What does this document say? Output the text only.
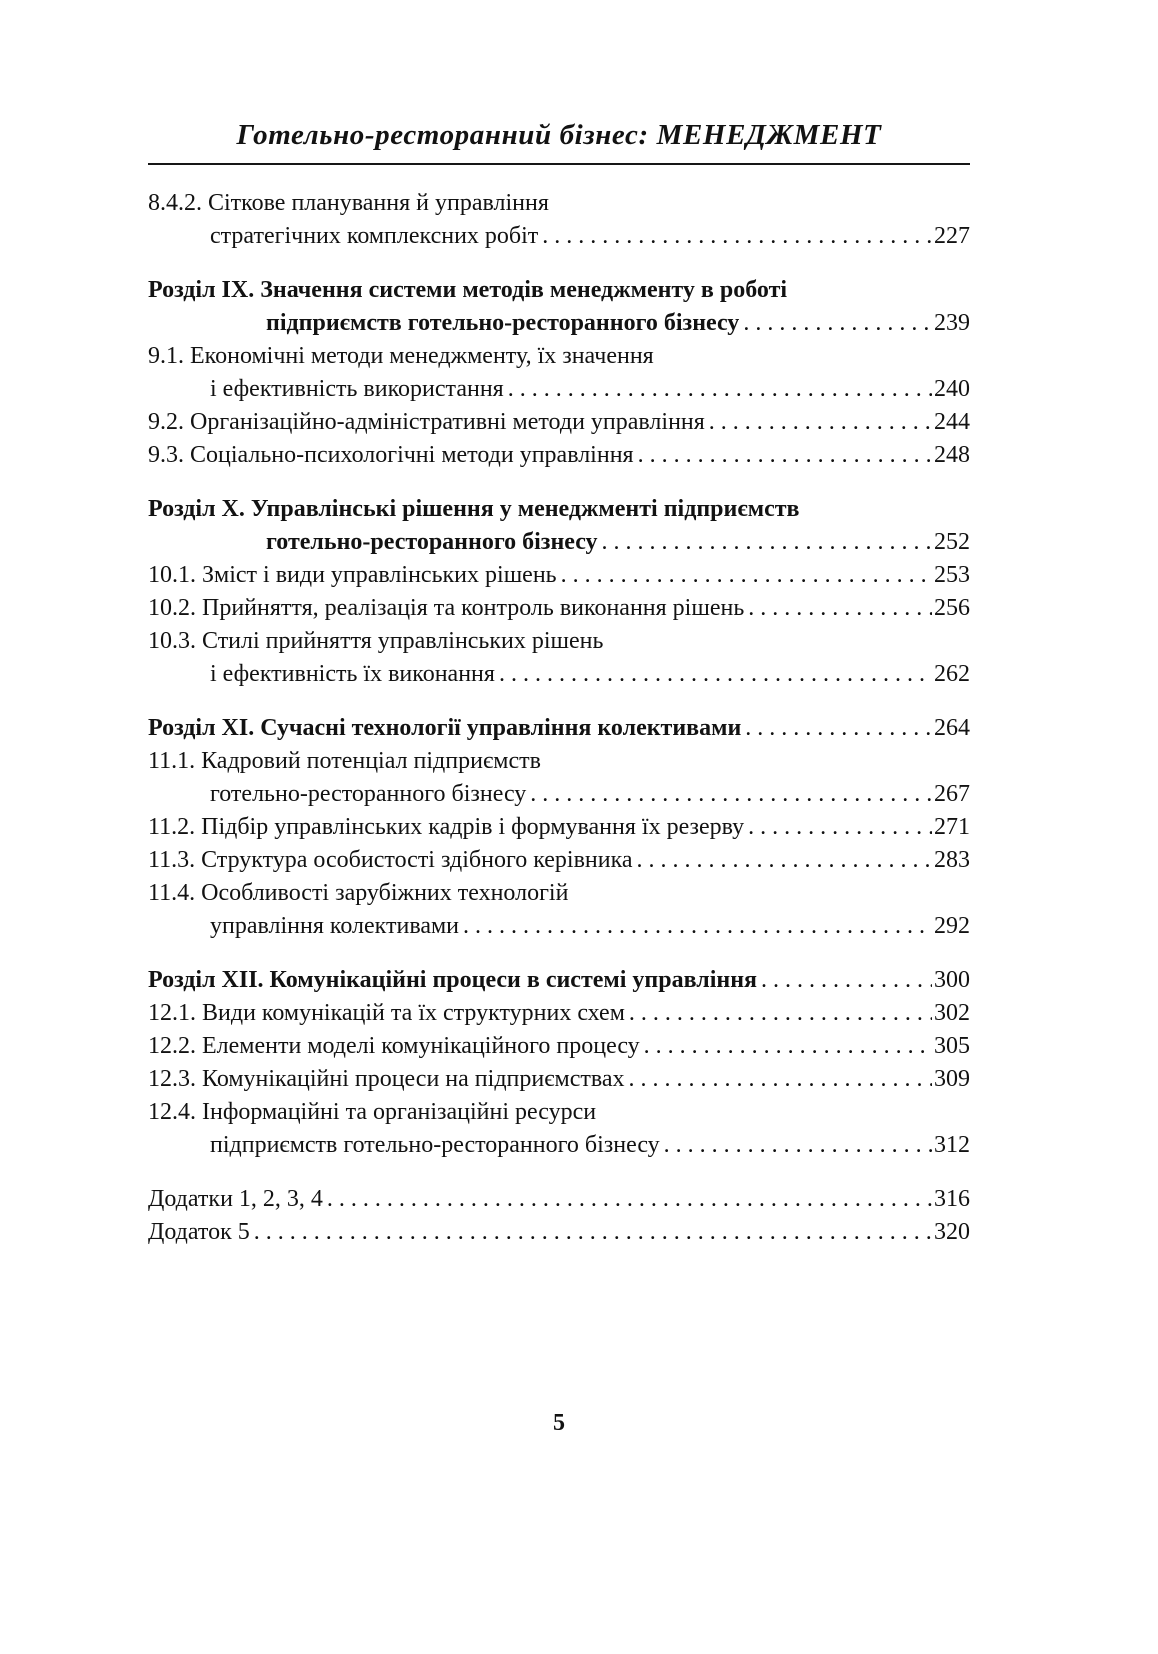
Готельно-ресторанний бізнес: МЕНЕДЖМЕНТ
8.4.2. Сіткове планування й управління
стратегічних комплексних робіт . . .	227
Розділ IX. Значення системи методів менеджменту в роботі
підприємств готельно-ресторанного бізнесу . . .	239
9.1. Економічні методи менеджменту, їх значення
і ефективність використання . . .	240
9.2. Організаційно-адміністративні методи управління . . .	244
9.3. Соціально-психологічні методи управління . . .	248
Розділ X. Управлінські рішення у менеджменті підприємств
готельно-ресторанного бізнесу . . .	252
10.1. Зміст і види управлінських рішень . . .	253
10.2. Прийняття, реалізація та контроль виконання рішень . . .	256
10.3. Стилі прийняття управлінських рішень
і ефективність їх виконання . . .	262
Розділ XI. Сучасні технології управління колективами . . .	264
11.1. Кадровий потенціал підприємств
готельно-ресторанного бізнесу . . .	267
11.2. Підбір управлінських кадрів і формування їх резерву . . .	271
11.3. Структура особистості здібного керівника . . .	283
11.4. Особливості зарубіжних технологій
управління колективами . . .	292
Розділ XII. Комунікаційні процеси в системі управління . . .	300
12.1. Види комунікацій та їх структурних схем . . .	302
12.2. Елементи моделі комунікаційного процесу . . .	305
12.3. Комунікаційні процеси на підприємствах . . .	309
12.4. Інформаційні та організаційні ресурси
підприємств готельно-ресторанного бізнесу . . .	312
Додатки 1, 2, 3, 4 . . .	316
Додаток 5 . . .	320
5
